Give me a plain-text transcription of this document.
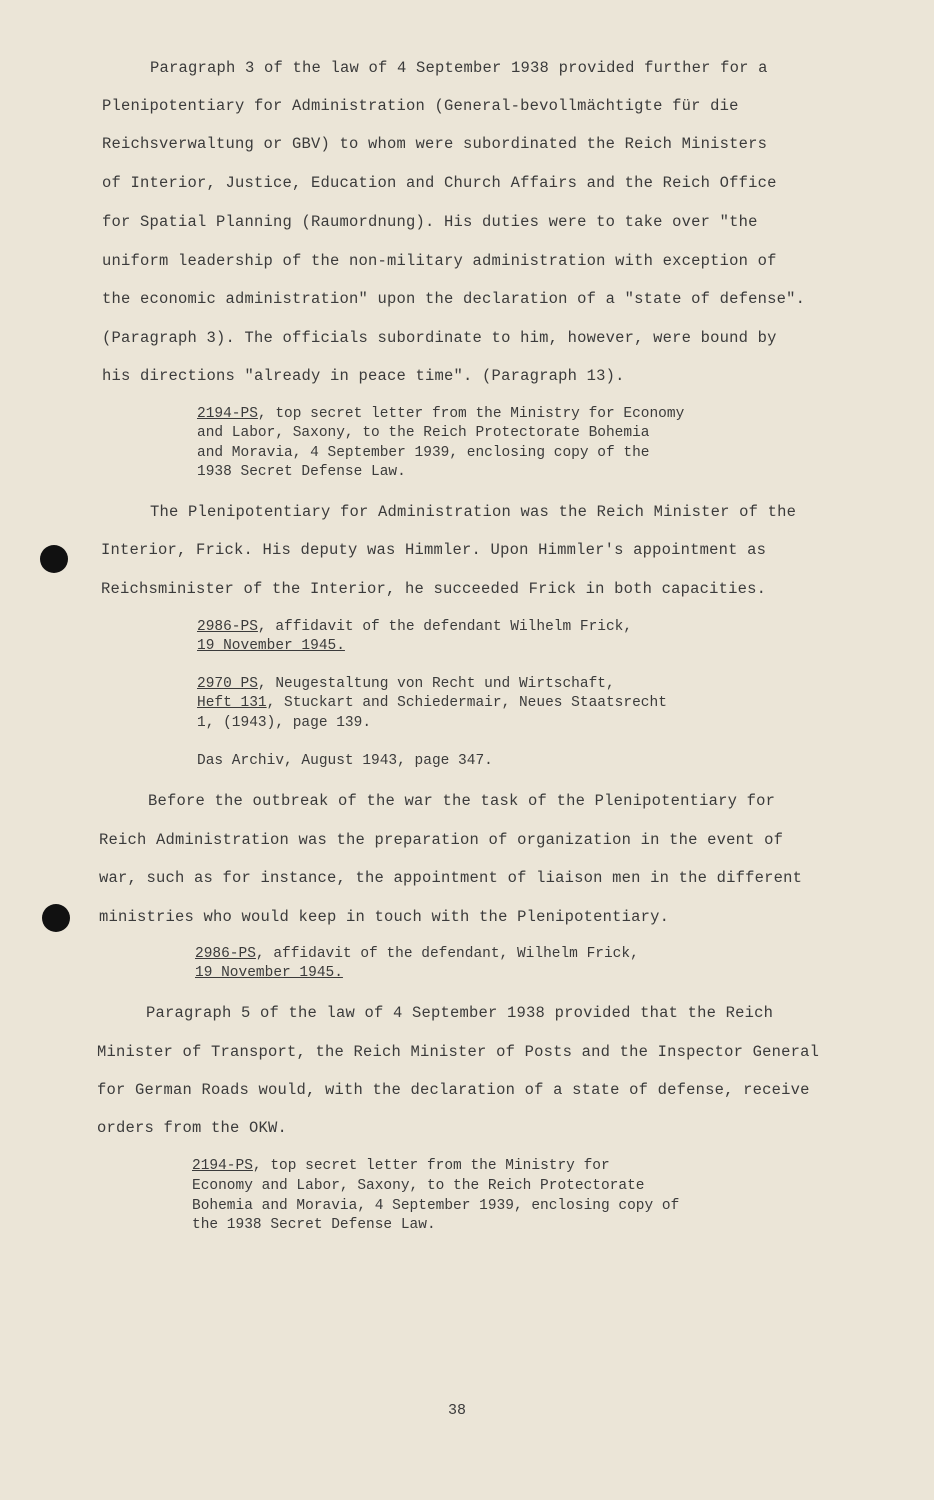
Paragraph 3 of the law of 4 September 1938 provided further for a
Plenipotentiary for Administration (General-bevollmächtigte für die
Reichsverwaltung or GBV) to whom were subordinated the Reich Ministers
of Interior, Justice, Education and Church Affairs and the Reich Office
for Spatial Planning (Raumordnung). His duties were to take over "the
uniform leadership of the non-military administration with exception of
the economic administration" upon the declaration of a "state of defense".
(Paragraph 3). The officials subordinate to him, however, were bound by
his directions "already in peace time". (Paragraph 13).
2194-PS, top secret letter from the Ministry for Economy
and Labor, Saxony, to the Reich Protectorate Bohemia
and Moravia, 4 September 1939, enclosing copy of the
1938 Secret Defense Law.
The Plenipotentiary for Administration was the Reich Minister of the
Interior, Frick. His deputy was Himmler. Upon Himmler's appointment as
Reichsminister of the Interior, he succeeded Frick in both capacities.
2986-PS, affidavit of the defendant Wilhelm Frick,
19 November 1945.
2970 PS, Neugestaltung von Recht und Wirtschaft,
Heft 131, Stuckart and Schiedermair, Neues Staatsrecht
1, (1943), page 139.
Das Archiv, August 1943, page 347.
Before the outbreak of the war the task of the Plenipotentiary for
Reich Administration was the preparation of organization in the event of
war, such as for instance, the appointment of liaison men in the different
ministries who would keep in touch with the Plenipotentiary.
2986-PS, affidavit of the defendant, Wilhelm Frick,
19 November 1945.
Paragraph 5 of the law of 4 September 1938 provided that the Reich
Minister of Transport, the Reich Minister of Posts and the Inspector General
for German Roads would, with the declaration of a state of defense, receive
orders from the OKW.
2194-PS, top secret letter from the Ministry for
Economy and Labor, Saxony, to the Reich Protectorate
Bohemia and Moravia, 4 September 1939, enclosing copy of
the 1938 Secret Defense Law.
38
